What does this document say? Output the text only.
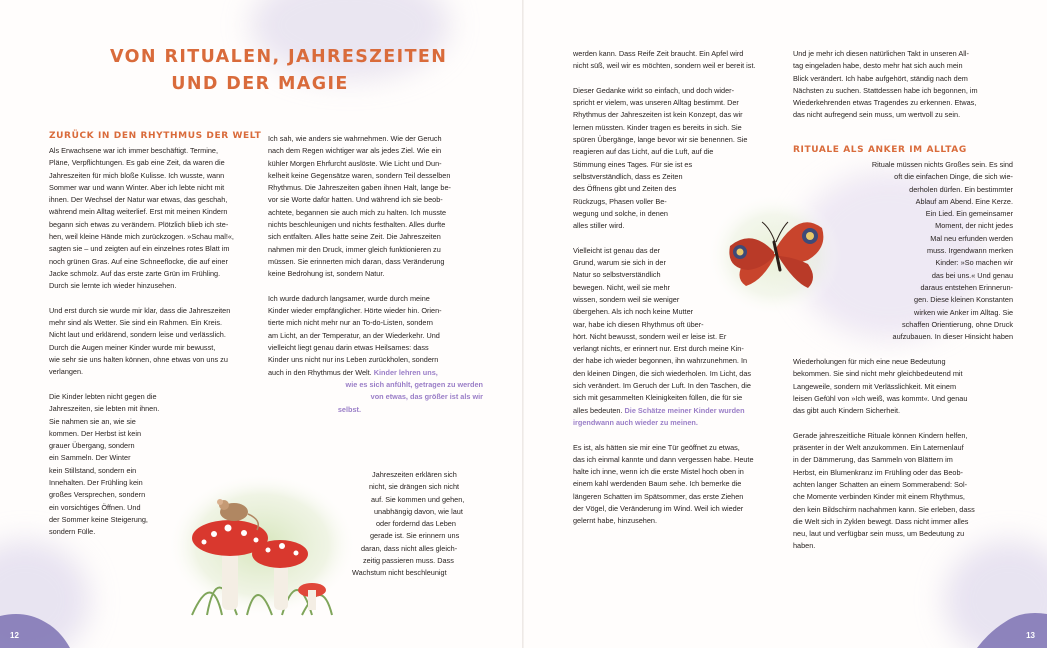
VON RITUALEN, JAHRESZEITEN
UND DER MAGIE
ZURÜCK IN DEN RHYTHMUS DER WELT
Als Erwachsene war ich immer beschäftigt. Termine,
Pläne, Verpflichtungen. Es gab eine Zeit, da waren die
Jahreszeiten für mich bloße Kulisse. Ich wusste, wann
Sommer war und wann Winter. Aber ich lebte nicht mit
ihnen. Der Wechsel der Natur war etwas, das geschah,
während mein Alltag weiterlief. Erst mit meinen Kindern
begann sich etwas zu verändern. Plötzlich blieb ich ste-
hen, weil kleine Hände mich zurückzogen. »Schau mal!«,
sagten sie – und zeigten auf ein einzelnes rotes Blatt im
noch grünen Gras. Auf eine Schneeflocke, die auf einer
Jacke schmolz. Auf das erste zarte Grün im Frühling.
Durch sie lernte ich wieder hinzusehen.
Und erst durch sie wurde mir klar, dass die Jahreszeiten
mehr sind als Wetter. Sie sind ein Rahmen. Ein Kreis.
Nicht laut und erklärend, sondern leise und verlässlich.
Durch die Augen meiner Kinder wurde mir bewusst,
wie sehr sie uns halten können, ohne etwas von uns zu
verlangen.
Die Kinder lebten nicht gegen die
Jahreszeiten, sie lebten mit ihnen.
Sie nahmen sie an, wie sie
kommen. Der Herbst ist kein
grauer Übergang, sondern
ein Sammeln. Der Winter
kein Stillstand, sondern ein
Innehalten. Der Frühling kein
großes Versprechen, sondern
ein vorsichtiges Öffnen. Und
der Sommer keine Steigerung,
sondern Fülle.
Ich sah, wie anders sie wahrnehmen. Wie der Geruch
nach dem Regen wichtiger war als jedes Ziel. Wie ein
kühler Morgen Ehrfurcht auslöste. Wie Licht und Dun-
kelheit keine Gegensätze waren, sondern Teil desselben
Rhythmus. Die Jahreszeiten gaben ihnen Halt, lange be-
vor sie Worte dafür hatten. Und während ich sie beob-
achtete, begannen sie auch mich zu halten. Ich musste
nichts beschleunigen und nichts festhalten. Alles durfte
sich entfalten. Alles hatte seine Zeit. Die Jahreszeiten
nahmen mir den Druck, immer gleich funktionieren zu
müssen. Sie erinnerten mich daran, dass Veränderung
keine Bedrohung ist, sondern Natur.
Ich wurde dadurch langsamer, wurde durch meine
Kinder wieder empfänglicher. Hörte wieder hin. Orien-
tierte mich nicht mehr nur an To-do-Listen, sondern
am Licht, an der Temperatur, an der Wiederkehr. Und
vielleicht liegt genau darin etwas Heilsames: dass
Kinder uns nicht nur ins Leben zurückholen, sondern
auch in den Rhythmus der Welt. Kinder lehren uns,
wie es sich anfühlt, getragen zu werden
von etwas, das größer ist als wir
selbst.
Jahreszeiten erklären sich
nicht, sie drängen sich nicht
auf. Sie kommen und gehen,
unabhängig davon, wie laut
oder fordernd das Leben
gerade ist. Sie erinnern uns
daran, dass nicht alles gleich-
zeitig passieren muss. Dass
Wachstum nicht beschleunigt
12
werden kann. Dass Reife Zeit braucht. Ein Apfel wird
nicht süß, weil wir es möchten, sondern weil er bereit ist.
Dieser Gedanke wirkt so einfach, und doch wider-
spricht er vielem, was unseren Alltag bestimmt. Der
Rhythmus der Jahreszeiten ist kein Konzept, das wir
lernen müssten. Kinder tragen es bereits in sich. Sie
spüren Übergänge, lange bevor wir sie benennen. Sie
reagieren auf das Licht, auf die Luft, auf die
Stimmung eines Tages. Für sie ist es
selbstverständlich, dass es Zeiten
des Öffnens gibt und Zeiten des
Rückzugs, Phasen voller Be-
wegung und solche, in denen
alles stiller wird.
Vielleicht ist genau das der
Grund, warum sie sich in der
Natur so selbstverständlich
bewegen. Nicht, weil sie mehr
wissen, sondern weil sie weniger
übergehen. Als ich noch keine Mutter
war, habe ich diesen Rhythmus oft über-
hört. Nicht bewusst, sondern weil er leise ist. Er
verlangt nichts, er erinnert nur. Erst durch meine Kin-
der habe ich wieder begonnen, ihn wahrzunehmen. In
den kleinen Dingen, die sich wiederholen. Im Licht, das
sich verändert. Im Geruch der Luft. In den Taschen, die
sich mit gesammelten Kleinigkeiten füllen, die für sie
alles bedeuten. Die Schätze meiner Kinder wurden
irgendwann auch wieder zu meinen.
Es ist, als hätten sie mir eine Tür geöffnet zu etwas,
das ich einmal kannte und dann vergessen habe. Heute
halte ich inne, wenn ich die erste Mistel hoch oben in
einem kahl werdenden Baum sehe. Ich bemerke die
längeren Schatten im Spätsommer, das erste Ziehen
der Vögel, die Veränderung im Wind. Weil ich wieder
gelernt habe, hinzusehen.
Und je mehr ich diesen natürlichen Takt in unseren All-
tag eingeladen habe, desto mehr hat sich auch mein
Blick verändert. Ich habe aufgehört, ständig nach dem
Nächsten zu suchen. Stattdessen habe ich begonnen, im
Wiederkehrenden etwas Tragendes zu erkennen. Etwas,
das nicht aufregend sein muss, um wertvoll zu sein.
RITUALE ALS ANKER IM ALLTAG
Rituale müssen nichts Großes sein. Es sind
oft die einfachen Dinge, die sich wie-
derholen dürfen. Ein bestimmter
Ablauf am Abend. Eine Kerze.
Ein Lied. Ein gemeinsamer
Moment, der nicht jedes
Mal neu erfunden werden
muss. Irgendwann merken
Kinder: »So machen wir
das bei uns.« Und genau
daraus entstehen Erinnerun-
gen. Diese kleinen Konstanten
wirken wie Anker im Alltag. Sie
schaffen Orientierung, ohne Druck
aufzubauen. In dieser Hinsicht haben
Wiederholungen für mich eine neue Bedeutung
bekommen. Sie sind nicht mehr gleichbedeutend mit
Langeweile, sondern mit Verlässlichkeit. Mit einem
leisen Gefühl von »Ich weiß, was kommt«. Und genau
das gibt auch Kindern Sicherheit.
Gerade jahreszeitliche Rituale können Kindern helfen,
präsenter in der Welt anzukommen. Ein Laternenlauf
in der Dämmerung, das Sammeln von Blättern im
Herbst, ein Blumenkranz im Frühling oder das Beob-
achten langer Schatten an einem Sommerabend: Sol-
che Momente verbinden Kinder mit einem Rhythmus,
den kein Bildschirm nachahmen kann. Sie erleben, dass
die Welt sich in Zyklen bewegt. Dass nicht immer alles
neu, laut und verfügbar sein muss, um Bedeutung zu
haben.
13
